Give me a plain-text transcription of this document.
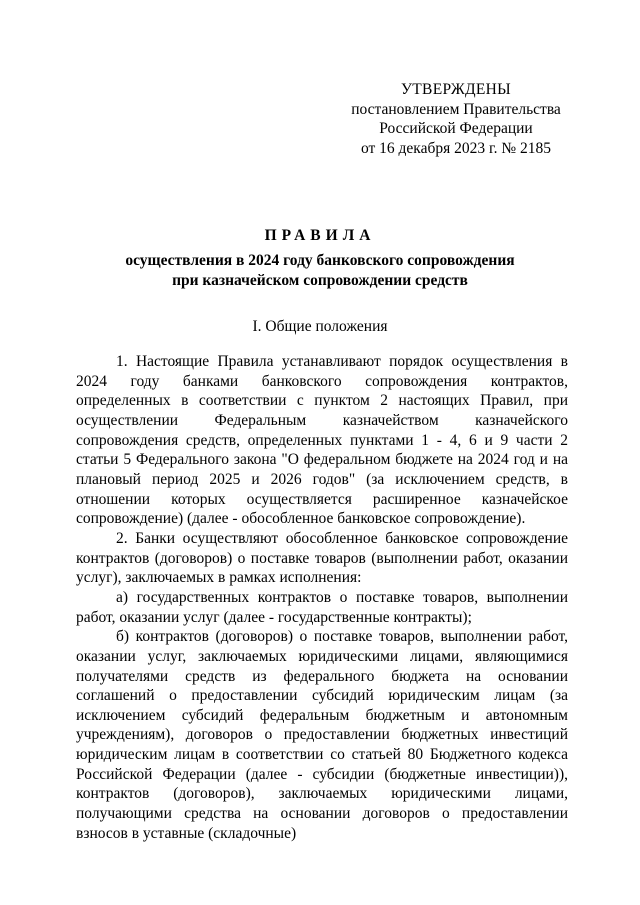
УТВЕРЖДЕНЫ
постановлением Правительства
Российской Федерации
от 16 декабря 2023 г. № 2185
ПРАВИЛА
осуществления в 2024 году банковского сопровождения
при казначейском сопровождении средств
I. Общие положения

1. Настоящие Правила устанавливают порядок осуществления в 2024 году банками банковского сопровождения контрактов, определенных в соответствии с пунктом 2 настоящих Правил, при осуществлении Федеральным казначейством казначейского сопровождения средств, определенных пунктами 1 - 4, 6 и 9 части 2 статьи 5 Федерального закона "О федеральном бюджете на 2024 год и на плановый период 2025 и 2026 годов" (за исключением средств, в отношении которых осуществляется расширенное казначейское сопровождение) (далее - обособленное банковское сопровождение).

2. Банки осуществляют обособленное банковское сопровождение контрактов (договоров) о поставке товаров (выполнении работ, оказании услуг), заключаемых в рамках исполнения:

а) государственных контрактов о поставке товаров, выполнении работ, оказании услуг (далее - государственные контракты);

б) контрактов (договоров) о поставке товаров, выполнении работ, оказании услуг, заключаемых юридическими лицами, являющимися получателями средств из федерального бюджета на основании соглашений о предоставлении субсидий юридическим лицам (за исключением субсидий федеральным бюджетным и автономным учреждениям), договоров о предоставлении бюджетных инвестиций юридическим лицам в соответствии со статьей 80 Бюджетного кодекса Российской Федерации (далее - субсидии (бюджетные инвестиции)), контрактов (договоров), заключаемых юридическими лицами, получающими средства на основании договоров о предоставлении взносов в уставные (складочные)
